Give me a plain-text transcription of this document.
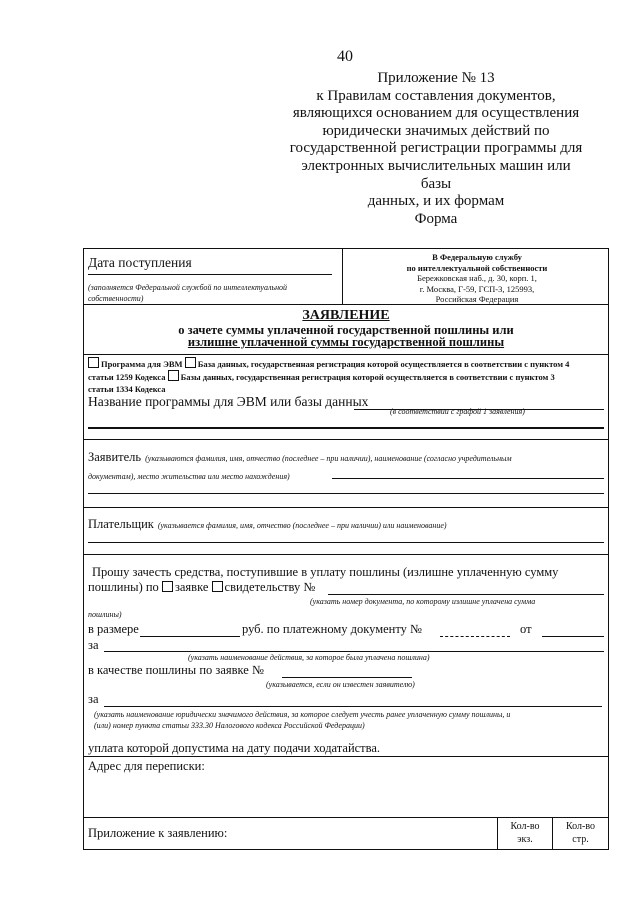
40
Приложение № 13
к Правилам составления документов,
являющихся основанием для осуществления
юридически значимых действий по
государственной регистрации программы для
электронных вычислительных машин или базы
данных, и их формам
Форма
Дата поступления
(заполняется Федеральной службой по интеллектуальной
собственности)
В Федеральную службу
по интеллектуальной собственности
Бережковская наб., д. 30, корп. 1,
г. Москва, Г-59, ГСП-3, 125993,
Российская Федерация
ЗАЯВЛЕНИЕ
о зачете суммы уплаченной государственной пошлины или
излишне уплаченной суммы государственной пошлины
Программа для ЭВМ База данных, государственная регистрация которой осуществляется в соответствии с пунктом 4
статьи 1259 Кодекса Базы данных, государственная регистрация которой осуществляется в соответствии с пунктом 3
статьи 1334 Кодекса
Название программы для ЭВМ или базы данных
(в соответствии с графой 1 заявления)
Заявитель (указываются фамилия, имя, отчество (последнее – при наличии), наименование (согласно учредительным
документам), место жительства или место нахождения)
Плательщик (указывается фамилия, имя, отчество (последнее – при наличии) или наименование)
Прошу зачесть средства, поступившие в уплату пошлины (излишне уплаченную сумму
пошлины) по заявке свидетельству №
(указать номер документа, по которому излишне уплачена сумма
пошлины)
в размере	руб. по платежному документу №	от
за
(указать наименование действия, за которое была уплачена пошлина)
в качестве пошлины по заявке №
(указывается, если он известен заявителю)
за
(указать наименование юридически значимого действия, за которое следует учесть ранее уплаченную сумму пошлины, и
(или) номер пункта статьи 333.30 Налогового кодекса Российской Федерации)
уплата которой допустима на дату подачи ходатайства.
Адрес для переписки:
Приложение к заявлению:	Кол-во
экз.
Кол-во
стр.
